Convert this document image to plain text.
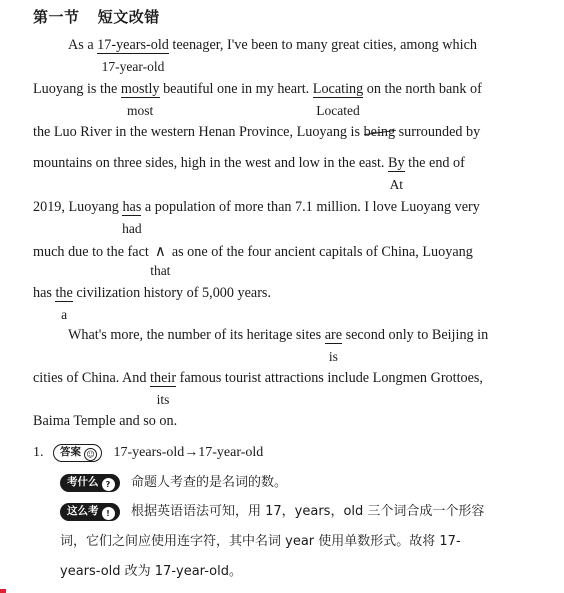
第一节 短文改错
As a 17-years-old
17-year-old
teenager, I've been to many great cities, among which
Luoyang is the mostly
most
beautiful one in my heart. Locating
Located
on the north bank of
the Luo River in the western Henan Province, Luoyang is being surrounded by
mountains on three sides, high in the west and low in the east. By
At
the end of
2019, Luoyang has
had
a population of more than 7.1 million. I love Luoyang very
much due to the fact ∧
that
as one of the four ancient capitals of China, Luoyang
has the
a
civilization history of 5,000 years.
What's more, the number of its heritage sites are
is
second only to Beijing in
cities of China. And their
its
famous tourist attractions include Longmen Grottoes,
Baima Temple and so on.
1. 答案 ☺ 17-years-old→17-year-old
考什么 ? 命题人考查的是名词的数。
这么考 ! 根据英语语法可知，用 17，years，old 三个词合成一个形容
词，它们之间应使用连字符，其中名词 year 使用单数形式。故将 17-
years-old 改为 17-year-old。
